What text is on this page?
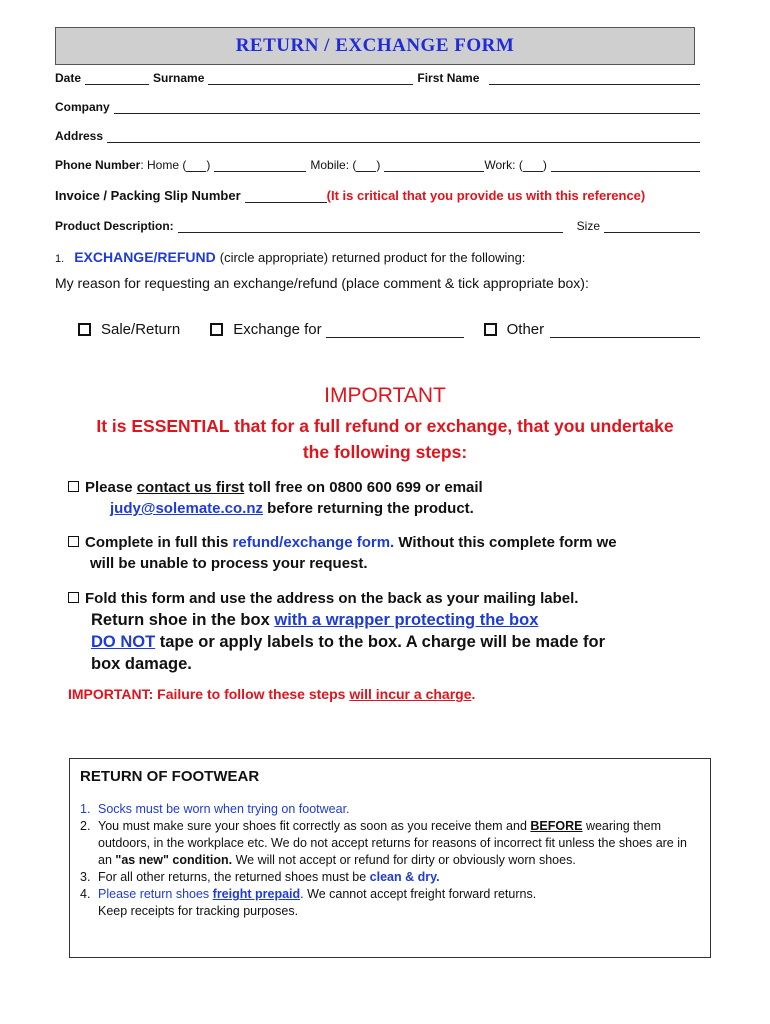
RETURN / EXCHANGE FORM
Date	Surname	First Name
Company
Address
Phone Number : Home ( )	Mobile: ( )	Work: ( )
Invoice / Packing Slip Number	(It is critical that you provide us with this reference)
Product Description:	Size
1. EXCHANGE/REFUND (circle appropriate) returned product for the following:
My reason for requesting an exchange/refund (place comment & tick appropriate box):
Sale/Return	Exchange for	Other
IMPORTANT
It is ESSENTIAL that for a full refund or exchange, that you undertake the following steps:
Please contact us first toll free on 0800 600 699 or email
judy@solemate.co.nz before returning the product.
Complete in full this refund/exchange form. Without this complete form we
will be unable to process your request.
Fold this form and use the address on the back as your mailing label.
Return shoe in the box with a wrapper protecting the box
DO NOT tape or apply labels to the box. A charge will be made for
box damage.
IMPORTANT: Failure to follow these steps will incur a charge.
RETURN OF FOOTWEAR
1. Socks must be worn when trying on footwear.
2. You must make sure your shoes fit correctly as soon as you receive them and BEFORE wearing them outdoors, in the workplace etc. We do not accept returns for reasons of incorrect fit unless the shoes are in an "as new" condition. We will not accept or refund for dirty or obviously worn shoes.
3. For all other returns, the returned shoes must be clean & dry.
4. Please return shoes freight prepaid. We cannot accept freight forward returns.
Keep receipts for tracking purposes.
